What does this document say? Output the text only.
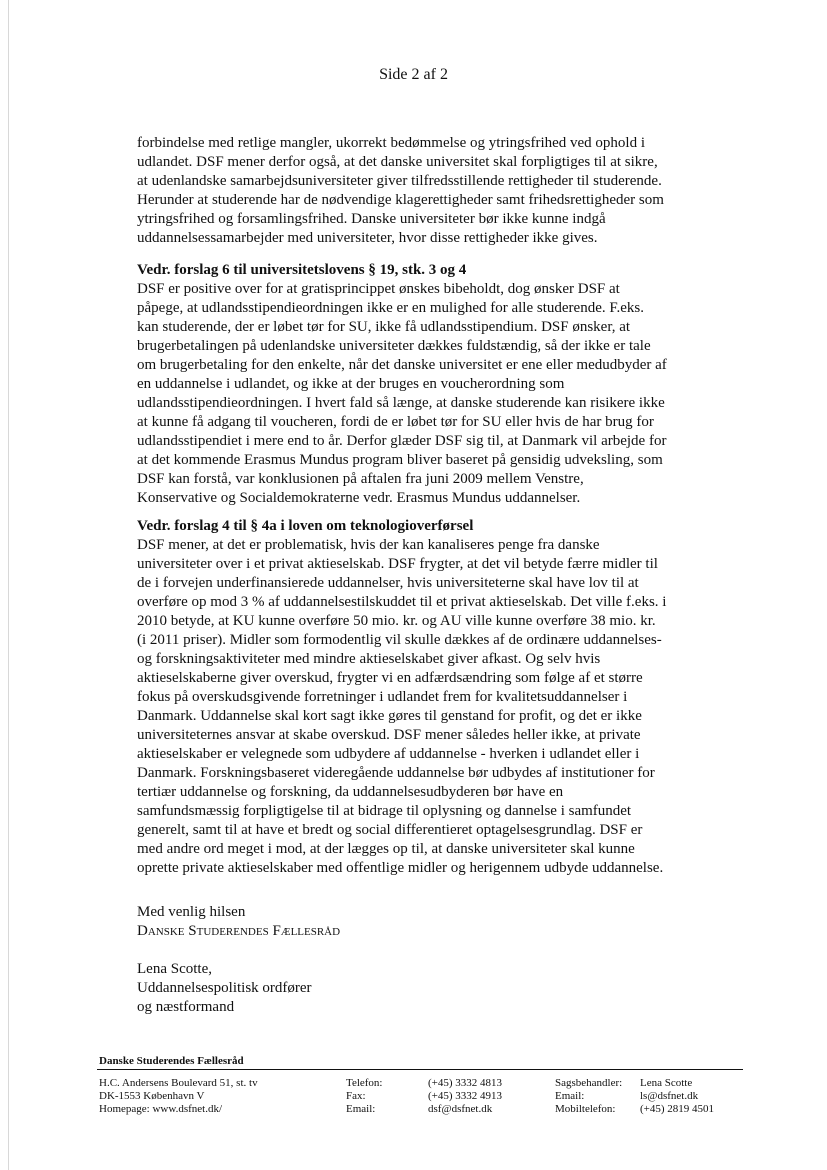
Side 2 af 2
forbindelse med retlige mangler, ukorrekt bedømmelse og ytringsfrihed ved ophold i
udlandet. DSF mener derfor også, at det danske universitet skal forpligtiges til at sikre,
at udenlandske samarbejdsuniversiteter giver tilfredsstillende rettigheder til studerende.
Herunder at studerende har de nødvendige klagerettigheder samt frihedsrettigheder som
ytringsfrihed og forsamlingsfrihed. Danske universiteter bør ikke kunne indgå
uddannelsessamarbejder med universiteter, hvor disse rettigheder ikke gives.
Vedr. forslag 6 til universitetslovens § 19, stk. 3 og 4
DSF er positive over for at gratisprincippet ønskes bibeholdt, dog ønsker DSF at
påpege, at udlandsstipendieordningen ikke er en mulighed for alle studerende. F.eks.
kan studerende, der er løbet tør for SU, ikke få udlandsstipendium. DSF ønsker, at
brugerbetalingen på udenlandske universiteter dækkes fuldstændig, så der ikke er tale
om brugerbetaling for den enkelte, når det danske universitet er ene eller medudbyder af
en uddannelse i udlandet, og ikke at der bruges en voucherordning som
udlandsstipendieordningen. I hvert fald så længe, at danske studerende kan risikere ikke
at kunne få adgang til voucheren, fordi de er løbet tør for SU eller hvis de har brug for
udlandsstipendiet i mere end to år. Derfor glæder DSF sig til, at Danmark vil arbejde for
at det kommende Erasmus Mundus program bliver baseret på gensidig udveksling, som
DSF kan forstå, var konklusionen på aftalen fra juni 2009 mellem Venstre,
Konservative og Socialdemokraterne vedr. Erasmus Mundus uddannelser.
Vedr. forslag 4 til § 4a i loven om teknologioverførsel
DSF mener, at det er problematisk, hvis der kan kanaliseres penge fra danske
universiteter over i et privat aktieselskab. DSF frygter, at det vil betyde færre midler til
de i forvejen underfinansierede uddannelser, hvis universiteterne skal have lov til at
overføre op mod 3 % af uddannelsestilskuddet til et privat aktieselskab. Det ville f.eks. i
2010 betyde, at KU kunne overføre 50 mio. kr. og AU ville kunne overføre 38 mio. kr.
(i 2011 priser). Midler som formodentlig vil skulle dækkes af de ordinære uddannelses-
og forskningsaktiviteter med mindre aktieselskabet giver afkast. Og selv hvis
aktieselskaberne giver overskud, frygter vi en adfærdsændring som følge af et større
fokus på overskudsgivende forretninger i udlandet frem for kvalitetsuddannelser i
Danmark. Uddannelse skal kort sagt ikke gøres til genstand for profit, og det er ikke
universiteternes ansvar at skabe overskud. DSF mener således heller ikke, at private
aktieselskaber er velegnede som udbydere af uddannelse - hverken i udlandet eller i
Danmark. Forskningsbaseret videregående uddannelse bør udbydes af institutioner for
tertiær uddannelse og forskning, da uddannelsesudbyderen bør have en
samfundsmæssig forpligtigelse til at bidrage til oplysning og dannelse i samfundet
generelt, samt til at have et bredt og social differentieret optagelsesgrundlag. DSF er
med andre ord meget i mod, at der lægges op til, at danske universiteter skal kunne
oprette private aktieselskaber med offentlige midler og herigennem udbyde uddannelse.
Med venlig hilsen
Danske Studerendes Fællesråd

Lena Scotte,
Uddannelsespolitisk ordfører
og næstformand
Danske Studerendes Fællesråd
H.C. Andersens Boulevard 51, st. tv
DK-1553 København V
Homepage: www.dsfnet.dk/
Telefon:
Fax:
Email:
(+45) 3332 4813
(+45) 3332 4913
dsf@dsfnet.dk
Sagsbehandler:
Email:
Mobiltelefon:
Lena Scotte
ls@dsfnet.dk
(+45) 2819 4501
